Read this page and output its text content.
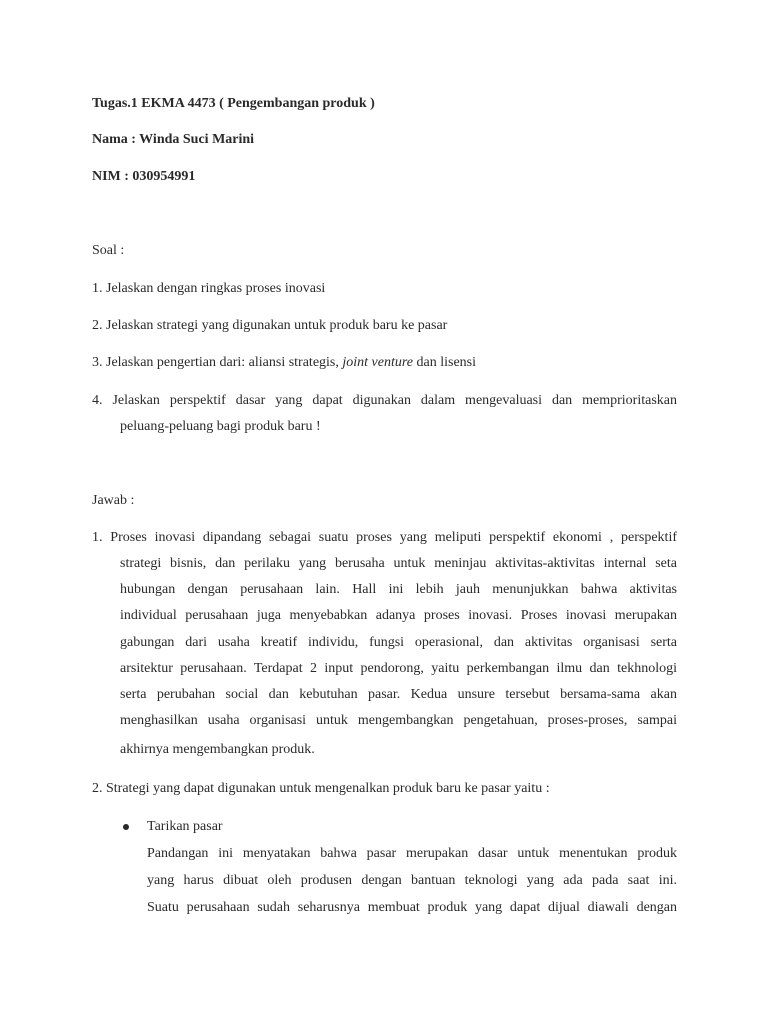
Tugas.1 EKMA 4473 ( Pengembangan produk )
Nama : Winda Suci Marini
NIM : 030954991
Soal :
1. Jelaskan dengan ringkas proses inovasi
2. Jelaskan strategi yang digunakan untuk produk baru ke pasar
3. Jelaskan pengertian dari: aliansi strategis, joint venture dan lisensi
4. Jelaskan perspektif dasar yang dapat digunakan dalam mengevaluasi dan memprioritaskan
peluang-peluang bagi produk baru !
Jawab :
1. Proses inovasi dipandang sebagai suatu proses yang meliputi perspektif ekonomi , perspektif
strategi bisnis, dan perilaku yang berusaha untuk meninjau aktivitas-aktivitas internal seta
hubungan dengan perusahaan lain. Hall ini lebih jauh menunjukkan bahwa aktivitas
individual perusahaan juga menyebabkan adanya proses inovasi. Proses inovasi merupakan
gabungan dari usaha kreatif individu, fungsi operasional, dan aktivitas organisasi serta
arsitektur perusahaan. Terdapat 2 input pendorong, yaitu perkembangan ilmu dan tekhnologi
serta perubahan social dan kebutuhan pasar. Kedua unsure tersebut bersama-sama akan
menghasilkan usaha organisasi untuk mengembangkan pengetahuan, proses-proses, sampai
akhirnya mengembangkan produk.
2. Strategi yang dapat digunakan untuk mengenalkan produk baru ke pasar yaitu :
Tarikan pasar
Pandangan ini menyatakan bahwa pasar merupakan dasar untuk menentukan produk
yang harus dibuat oleh produsen dengan bantuan teknologi yang ada pada saat ini.
Suatu perusahaan sudah seharusnya membuat produk yang dapat dijual diawali dengan
